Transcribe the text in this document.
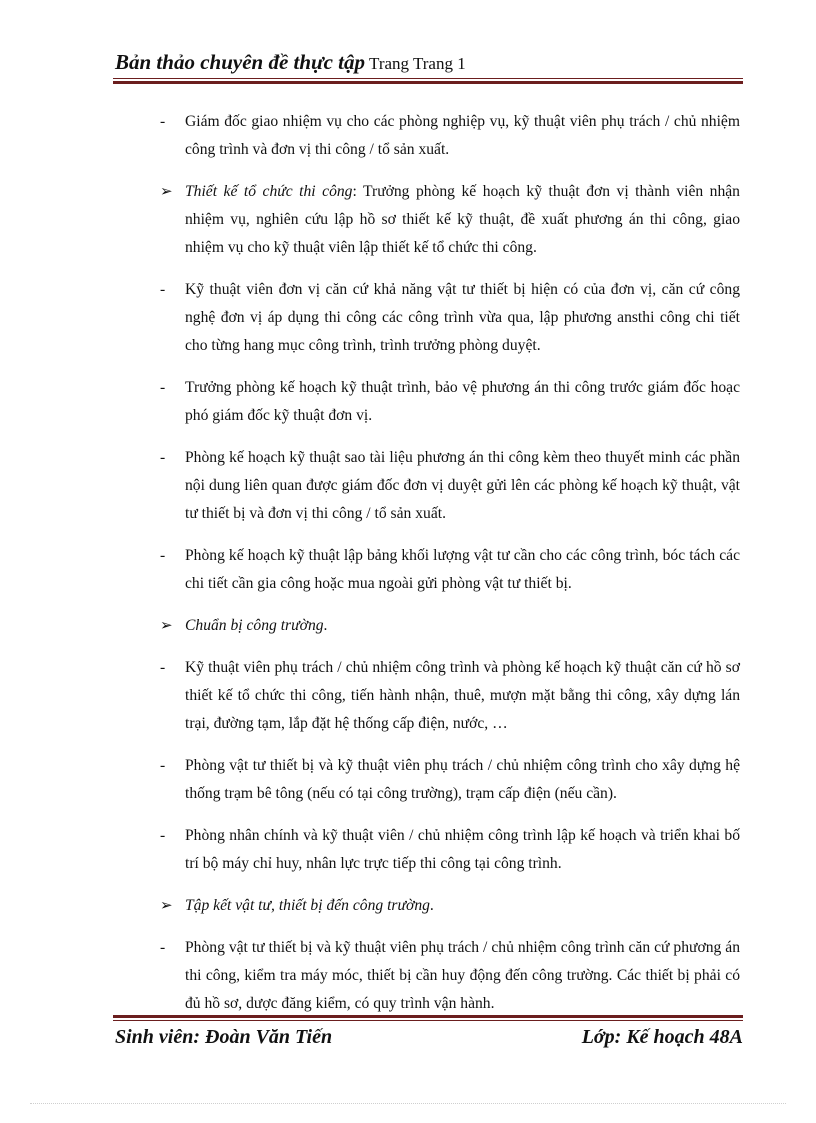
Bản thảo chuyên đề thực tập Trang Trang 1
-	Giám đốc giao nhiệm vụ cho các phòng nghiệp vụ, kỹ thuật viên phụ trách / chủ nhiệm công trình và đơn vị thi công / tổ sản xuất.
➢ Thiết kế tổ chức thi công: Trưởng phòng kế hoạch kỹ thuật đơn vị thành viên nhận nhiệm vụ, nghiên cứu lập hồ sơ thiết kế kỹ thuật, đề xuất phương án thi công, giao nhiệm vụ cho kỹ thuật viên lập thiết kế tổ chức thi công.
-	Kỹ thuật viên đơn vị căn cứ khả năng vật tư thiết bị hiện có của đơn vị, căn cứ công nghệ đơn vị áp dụng thi công các công trình vừa qua, lập phương ansthi công chi tiết cho từng hang mục công trình, trình trưởng phòng duyệt.
-	Trưởng phòng kế hoạch kỹ thuật trình, bảo vệ phương án thi công trước giám đốc hoạc phó giám đốc kỹ thuật đơn vị.
-	Phòng kế hoạch kỹ thuật sao tài liệu phương án thi công kèm theo thuyết minh các phần nội dung liên quan được giám đốc đơn vị duyệt gửi lên các phòng kế hoạch kỹ thuật, vật tư thiết bị và đơn vị thi công / tổ sản xuất.
-	Phòng kế hoạch kỹ thuật lập bảng khối lượng vật tư cần cho các công trình, bóc tách các chi tiết cần gia công hoặc mua ngoài gửi phòng vật tư thiết bị.
➢ Chuẩn bị công trường.
-	Kỹ thuật viên phụ trách / chủ nhiệm công trình và phòng kế hoạch kỹ thuật căn cứ hồ sơ thiết kế tổ chức thi công, tiến hành nhận, thuê, mượn mặt bằng thi công, xây dựng lán trại, đường tạm, lắp đặt hệ thống cấp điện, nước, …
-	Phòng vật tư thiết bị và kỹ thuật viên phụ trách / chủ nhiệm công trình cho xây dựng hệ thống trạm bê tông (nếu có tại công trường), trạm cấp điện (nếu cần).
-	Phòng nhân chính và kỹ thuật viên / chủ nhiệm công trình lập kế hoạch và triển khai bố trí bộ máy chỉ huy, nhân lực trực tiếp thi công tại công trình.
➢ Tập kết vật tư, thiết bị đến công trường.
-	Phòng vật tư thiết bị và kỹ thuật viên phụ trách / chủ nhiệm công trình căn cứ phương án thi công, kiểm tra máy móc, thiết bị cần huy động đến công trường. Các thiết bị phải có đủ hồ sơ, dược đăng kiểm, có quy trình vận hành.
Sinh viên: Đoàn Văn Tiến	Lớp: Kế hoạch 48A
